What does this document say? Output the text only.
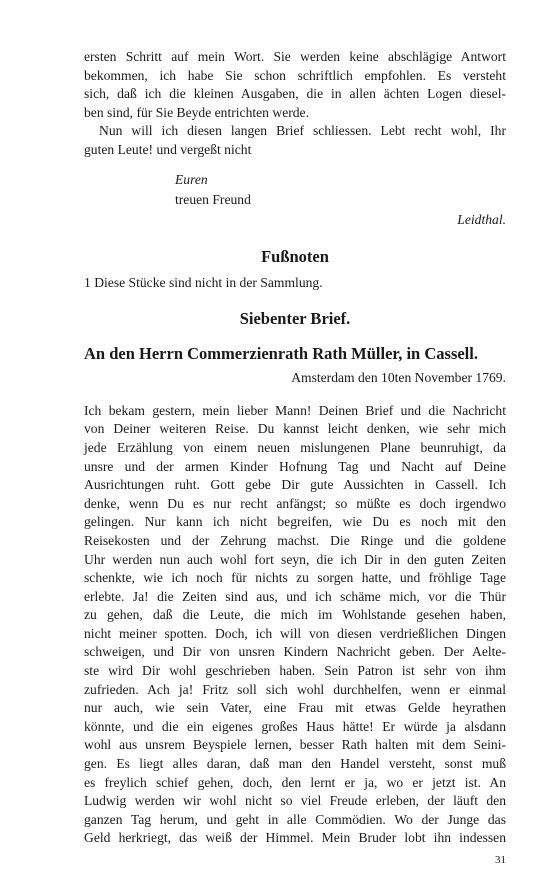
ersten Schritt auf mein Wort. Sie werden keine abschlägige Antwort
bekommen, ich habe Sie schon schriftlich empfohlen. Es versteht
sich, daß ich die kleinen Ausgaben, die in allen ächten Logen diesel-
ben sind, für Sie Beyde entrichten werde.

Nun will ich diesen langen Brief schliessen. Lebt recht wohl, Ihr
guten Leute! und vergeßt nicht

Euren
treuen Freund
Leidthal.
Fußnoten

1 Diese Stücke sind nicht in der Sammlung.

Siebenter Brief.
An den Herrn Commerzienrath Rath Müller, in Cassell.

Amsterdam den 10ten November 1769.

Ich bekam gestern, mein lieber Mann! Deinen Brief und die Nachricht
von Deiner weiteren Reise. Du kannst leicht denken, wie sehr mich
jede Erzählung von einem neuen mislungenen Plane beunruhigt, da
unsre und der armen Kinder Hofnung Tag und Nacht auf Deine
Ausrichtungen ruht. Gott gebe Dir gute Aussichten in Cassell. Ich
denke, wenn Du es nur recht anfängst; so müßte es doch irgendwo
gelingen. Nur kann ich nicht begreifen, wie Du es noch mit den
Reisekosten und der Zehrung machst. Die Ringe und die goldene
Uhr werden nun auch wohl fort seyn, die ich Dir in den guten Zeiten
schenkte, wie ich noch für nichts zu sorgen hatte, und fröhlige Tage
erlebte. Ja! die Zeiten sind aus, und ich schäme mich, vor die Thür
zu gehen, daß die Leute, die mich im Wohlstande gesehen haben,
nicht meiner spotten. Doch, ich will von diesen verdrießlichen Dingen
schweigen, und Dir von unsren Kindern Nachricht geben. Der Aelte-
ste wird Dir wohl geschrieben haben. Sein Patron ist sehr von ihm
zufrieden. Ach ja! Fritz soll sich wohl durchhelfen, wenn er einmal
nur auch, wie sein Vater, eine Frau mit etwas Gelde heyrathen
könnte, und die ein eigenes großes Haus hätte! Er würde ja alsdann
wohl aus unsrem Beyspiele lernen, besser Rath halten mit dem Seini-
gen. Es liegt alles daran, daß man den Handel versteht, sonst muß
es freylich schief gehen, doch, den lernt er ja, wo er jetzt ist. An
Ludwig werden wir wohl nicht so viel Freude erleben, der läuft den
ganzen Tag herum, und geht in alle Commödien. Wo der Junge das
Geld herkriegt, das weiß der Himmel. Mein Bruder lobt ihn indessen

31
